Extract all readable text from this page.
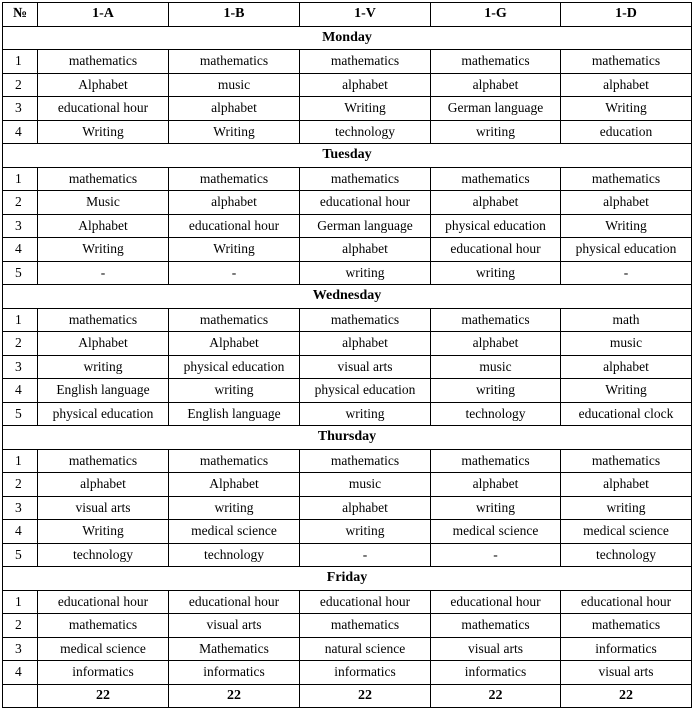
№	1-A	1-B	1-V	1-G	1-D
Monday					
1	mathematics	mathematics	mathematics	mathematics	mathematics
2	Alphabet	music	alphabet	alphabet	alphabet
3	educational hour	alphabet	Writing	German language	Writing
4	Writing	Writing	technology	writing	education
Tuesday					
1	mathematics	mathematics	mathematics	mathematics	mathematics
2	Music	alphabet	educational hour	alphabet	alphabet
3	Alphabet	educational hour	German language	physical education	Writing
4	Writing	Writing	alphabet	educational hour	physical education
5	-	-	writing	writing	-
Wednesday					
1	mathematics	mathematics	mathematics	mathematics	math
2	Alphabet	Alphabet	alphabet	alphabet	music
3	writing	physical education	visual arts	music	alphabet
4	English language	writing	physical education	writing	Writing
5	physical education	English language	writing	technology	educational clock
Thursday					
1	mathematics	mathematics	mathematics	mathematics	mathematics
2	alphabet	Alphabet	music	alphabet	alphabet
3	visual arts	writing	alphabet	writing	writing
4	Writing	medical science	writing	medical science	medical science
5	technology	technology	-	-	technology
Friday					
1	educational hour	educational hour	educational hour	educational hour	educational hour
2	mathematics	visual arts	mathematics	mathematics	mathematics
3	medical science	Mathematics	natural science	visual arts	informatics
4	informatics	informatics	informatics	informatics	visual arts
	22	22	22	22	22
